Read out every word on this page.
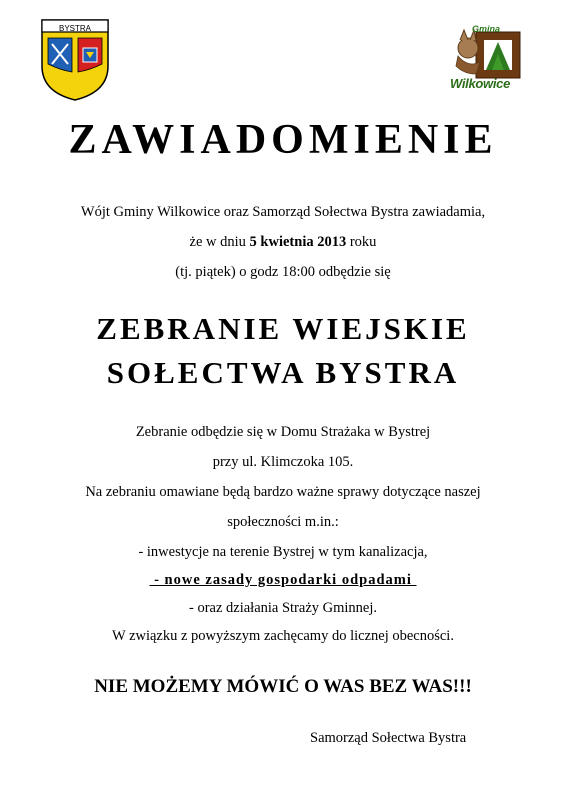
BYSTRA	Gmina
Wilkowice
ZAWIADOMIENIE
Wójt Gminy Wilkowice oraz Samorząd Sołectwa Bystra zawiadamia,
że w dniu 5 kwietnia 2013 roku
(tj. piątek) o godz 18:00 odbędzie się
ZEBRANIE WIEJSKIE
SOŁECTWA BYSTRA
Zebranie odbędzie się w Domu Strażaka w Bystrej
przy ul. Klimczoka 105.
Na zebraniu omawiane będą bardzo ważne sprawy dotyczące naszej
społeczności m.in.:
- inwestycje na terenie Bystrej w tym kanalizacja,
- nowe zasady gospodarki odpadami
- oraz działania Straży Gminnej.
W związku z powyższym zachęcamy do licznej obecności.
NIE MOŻEMY MÓWIĆ O WAS BEZ WAS!!!
Samorząd Sołectwa Bystra
